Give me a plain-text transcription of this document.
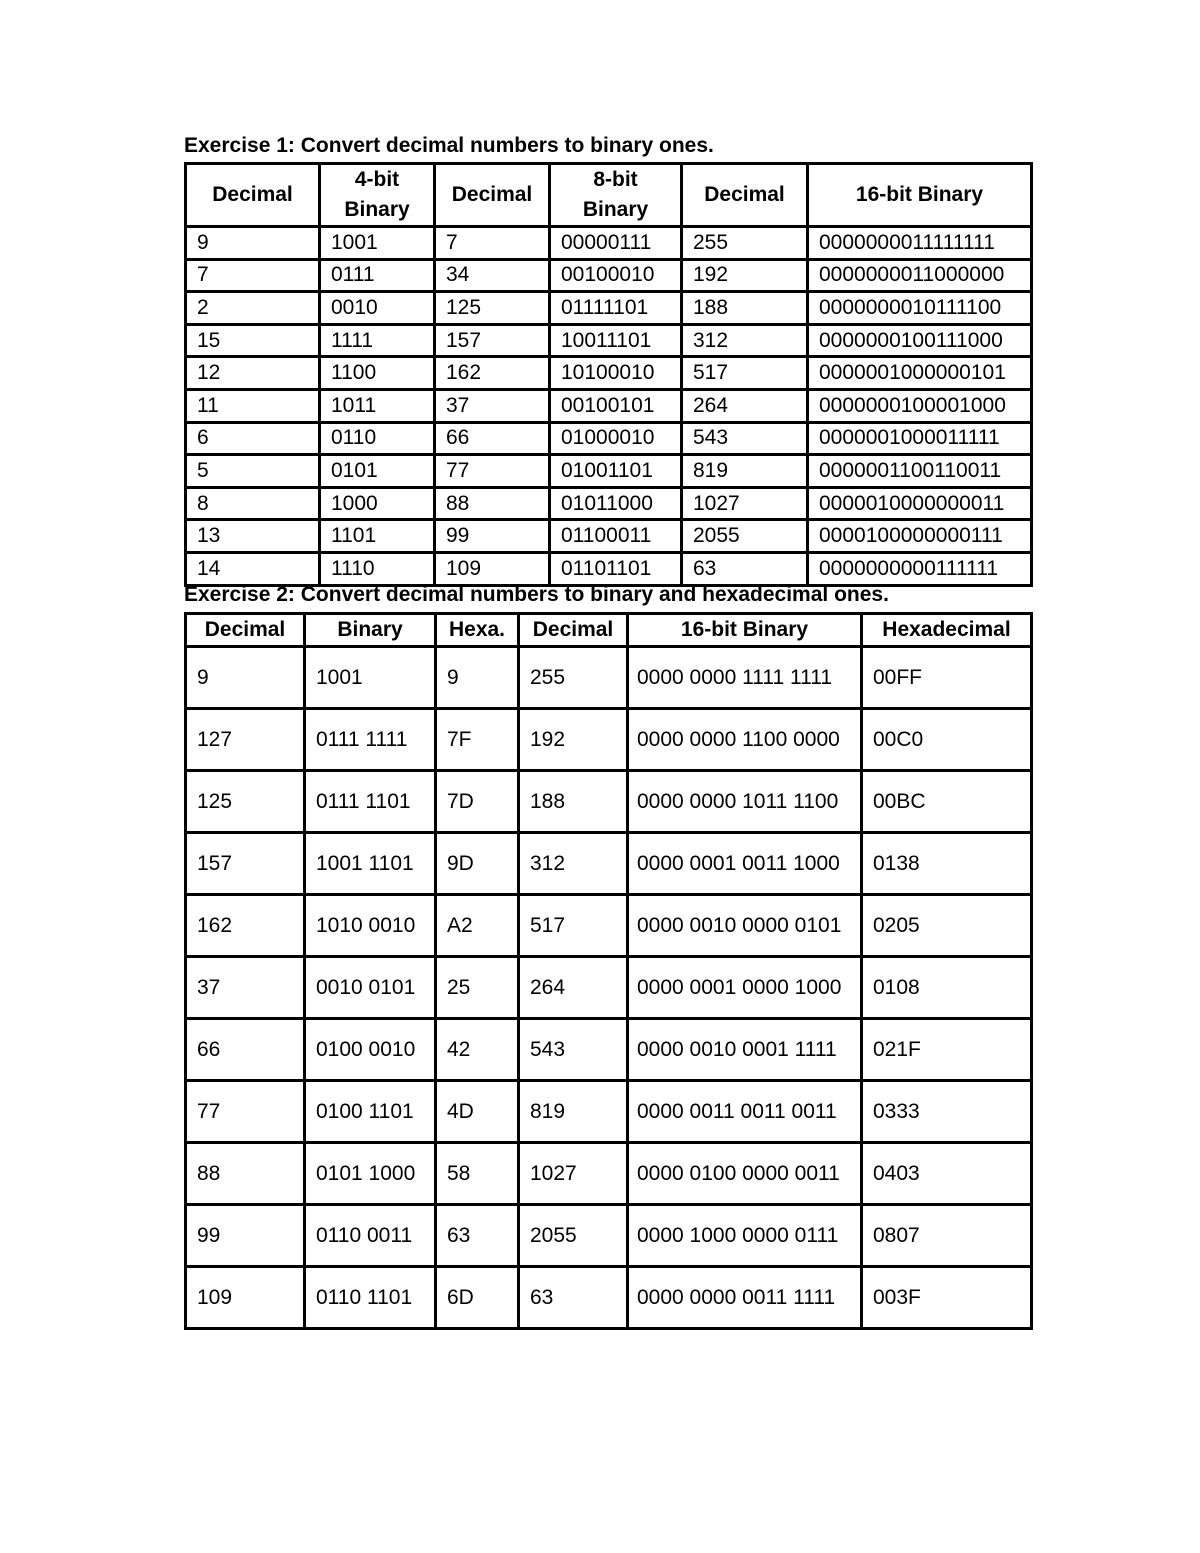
Exercise 1: Convert decimal numbers to binary ones.
Decimal	4-bit Binary	Decimal	8-bit Binary	Decimal	16-bit Binary
9	1001	7	00000111	255	0000000011111111
7	0111	34	00100010	192	0000000011000000
2	0010	125	01111101	188	0000000010111100
15	1111	157	10011101	312	0000000100111000
12	1100	162	10100010	517	0000001000000101
11	1011	37	00100101	264	0000000100001000
6	0110	66	01000010	543	0000001000011111
5	0101	77	01001101	819	0000001100110011
8	1000	88	01011000	1027	0000010000000011
13	1101	99	01100011	2055	0000100000000111
14	1110	109	01101101	63	0000000000111111
Exercise 2: Convert decimal numbers to binary and hexadecimal ones.
Decimal	Binary	Hexa.	Decimal	16-bit Binary	Hexadecimal
9	1001	9	255	0000 0000 1111 1111	00FF
127	0111 1111	7F	192	0000 0000 1100 0000	00C0
125	0111 1101	7D	188	0000 0000 1011 1100	00BC
157	1001 1101	9D	312	0000 0001 0011 1000	0138
162	1010 0010	A2	517	0000 0010 0000 0101	0205
37	0010 0101	25	264	0000 0001 0000 1000	0108
66	0100 0010	42	543	0000 0010 0001 1111	021F
77	0100 1101	4D	819	0000 0011 0011 0011	0333
88	0101 1000	58	1027	0000 0100 0000 0011	0403
99	0110 0011	63	2055	0000 1000 0000 0111	0807
109	0110 1101	6D	63	0000 0000 0011 1111	003F
